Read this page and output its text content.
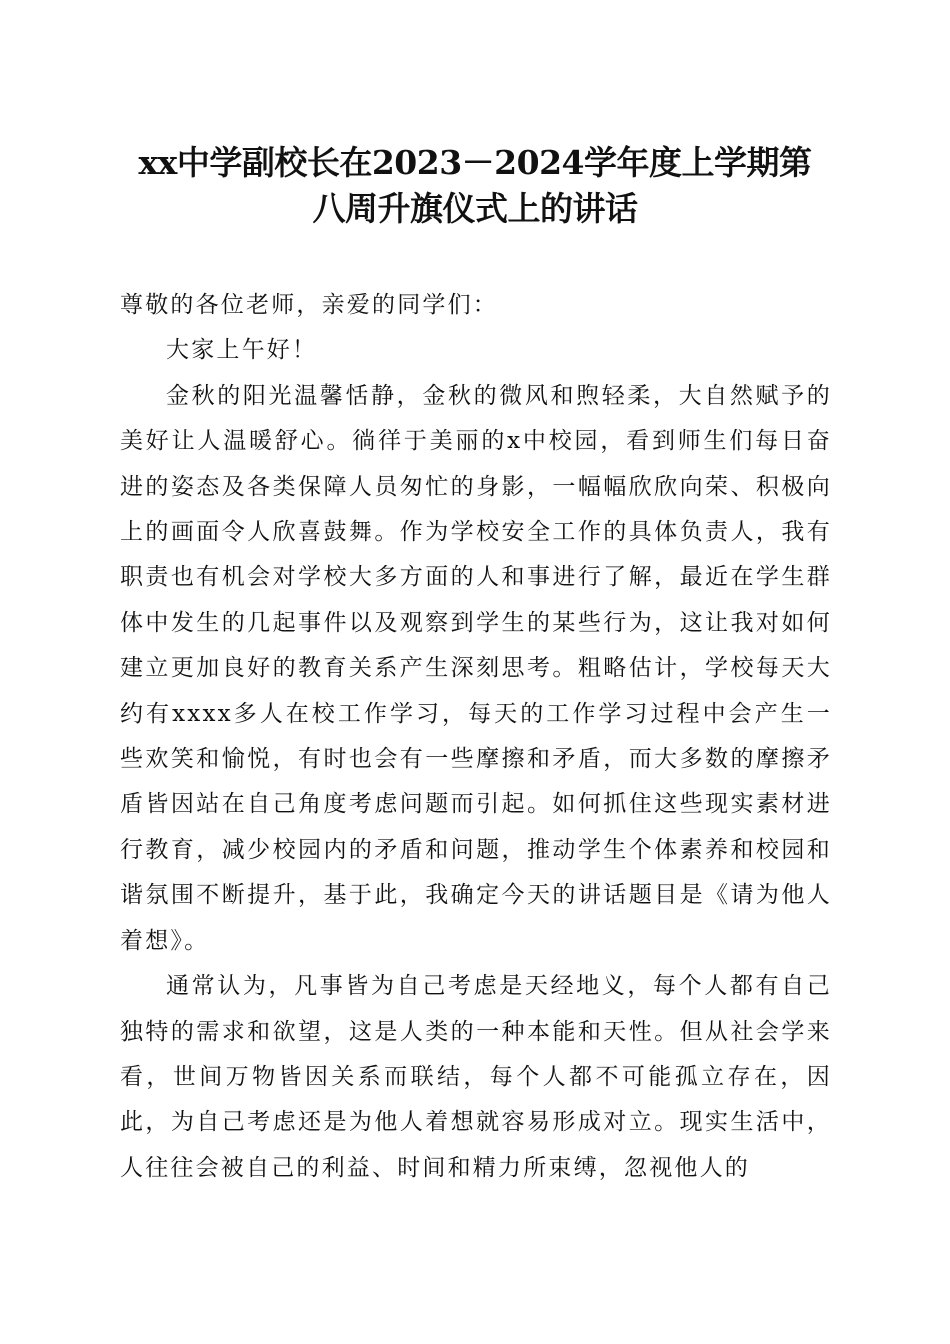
xx中学副校长在2023－2024学年度上学期第
八周升旗仪式上的讲话

尊敬的各位老师，亲爱的同学们：

大家上午好！

金秋的阳光温馨恬静，金秋的微风和煦轻柔，大自然赋予的美好让人温暖舒心。徜徉于美丽的x中校园，看到师生们每日奋进的姿态及各类保障人员匆忙的身影，一幅幅欣欣向荣、积极向上的画面令人欣喜鼓舞。作为学校安全工作的具体负责人，我有职责也有机会对学校大多方面的人和事进行了解，最近在学生群体中发生的几起事件以及观察到学生的某些行为，这让我对如何建立更加良好的教育关系产生深刻思考。粗略估计，学校每天大约有xxxx多人在校工作学习，每天的工作学习过程中会产生一些欢笑和愉悦，有时也会有一些摩擦和矛盾，而大多数的摩擦矛盾皆因站在自己角度考虑问题而引起。如何抓住这些现实素材进行教育，减少校园内的矛盾和问题，推动学生个体素养和校园和谐氛围不断提升，基于此，我确定今天的讲话题目是《请为他人着想》。

通常认为，凡事皆为自己考虑是天经地义，每个人都有自己独特的需求和欲望，这是人类的一种本能和天性。但从社会学来看，世间万物皆因关系而联结，每个人都不可能孤立存在，因此，为自己考虑还是为他人着想就容易形成对立。现实生活中，人往往会被自己的利益、时间和精力所束缚，忽视他人的
